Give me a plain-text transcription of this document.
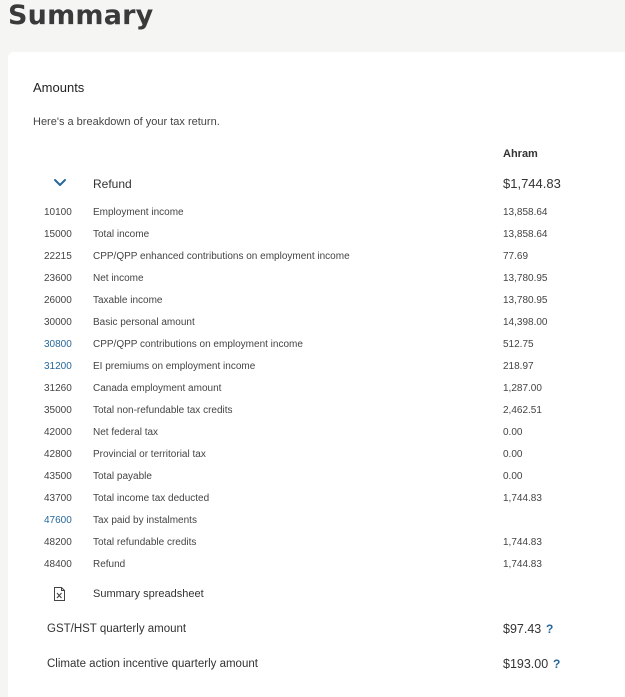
Summary
Amounts
Here's a breakdown of your tax return.
Ahram
Refund	$1,744.83
10100 Employment income	13,858.64
15000 Total income	13,858.64
22215 CPP/QPP enhanced contributions on employment income	77.69
23600 Net income	13,780.95
26000 Taxable income	13,780.95
30000 Basic personal amount	14,398.00
30800 CPP/QPP contributions on employment income	512.75
31200 EI premiums on employment income	218.97
31260 Canada employment amount	1,287.00
35000 Total non-refundable tax credits	2,462.51
42000 Net federal tax	0.00
42800 Provincial or territorial tax	0.00
43500 Total payable	0.00
43700 Total income tax deducted	1,744.83
47600 Tax paid by instalments
48200 Total refundable credits	1,744.83
48400 Refund	1,744.83
Summary spreadsheet
GST/HST quarterly amount	$97.43 ?
Climate action incentive quarterly amount	$193.00 ?
